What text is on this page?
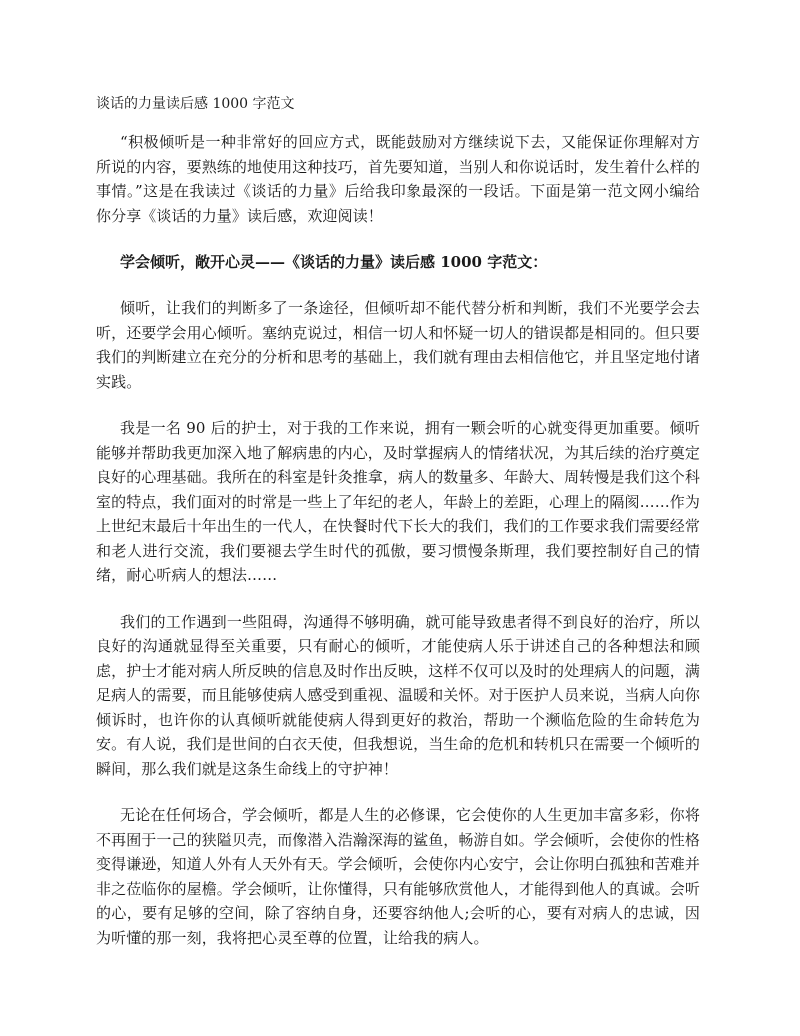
谈话的力量读后感 1000 字范文

“积极倾听是一种非常好的回应方式，既能鼓励对方继续说下去，又能保证你理解对方所说的内容，要熟练的地使用这种技巧，首先要知道，当别人和你说话时，发生着什么样的事情。”这是在我读过《谈话的力量》后给我印象最深的一段话。下面是第一范文网小编给你分享《谈话的力量》读后感，欢迎阅读！

学会倾听，敞开心灵——《谈话的力量》读后感 1000 字范文：

倾听，让我们的判断多了一条途径，但倾听却不能代替分析和判断，我们不光要学会去听，还要学会用心倾听。塞纳克说过，相信一切人和怀疑一切人的错误都是相同的。但只要我们的判断建立在充分的分析和思考的基础上，我们就有理由去相信他它，并且坚定地付诸实践。

我是一名 90 后的护士，对于我的工作来说，拥有一颗会听的心就变得更加重要。倾听能够并帮助我更加深入地了解病患的内心，及时掌握病人的情绪状况，为其后续的治疗奠定良好的心理基础。我所在的科室是针灸推拿，病人的数量多、年龄大、周转慢是我们这个科室的特点，我们面对的时常是一些上了年纪的老人，年龄上的差距，心理上的隔阂……作为上世纪末最后十年出生的一代人，在快餐时代下长大的我们，我们的工作要求我们需要经常和老人进行交流，我们要褪去学生时代的孤傲，要习惯慢条斯理，我们要控制好自己的情绪，耐心听病人的想法……

我们的工作遇到一些阻碍，沟通得不够明确，就可能导致患者得不到良好的治疗，所以良好的沟通就显得至关重要，只有耐心的倾听，才能使病人乐于讲述自己的各种想法和顾虑，护士才能对病人所反映的信息及时作出反映，这样不仅可以及时的处理病人的问题，满足病人的需要，而且能够使病人感受到重视、温暖和关怀。对于医护人员来说，当病人向你倾诉时，也许你的认真倾听就能使病人得到更好的救治，帮助一个濒临危险的生命转危为安。有人说，我们是世间的白衣天使，但我想说，当生命的危机和转机只在需要一个倾听的瞬间，那么我们就是这条生命线上的守护神！

无论在任何场合，学会倾听，都是人生的必修课，它会使你的人生更加丰富多彩，你将不再囿于一己的狭隘贝壳，而像潜入浩瀚深海的鲨鱼，畅游自如。学会倾听，会使你的性格变得谦逊，知道人外有人天外有天。学会倾听，会使你内心安宁，会让你明白孤独和苦难并非之莅临你的屋檐。学会倾听，让你懂得，只有能够欣赏他人，才能得到他人的真诚。会听的心，要有足够的空间，除了容纳自身，还要容纳他人;会听的心，要有对病人的忠诚，因为听懂的那一刻，我将把心灵至尊的位置，让给我的病人。
